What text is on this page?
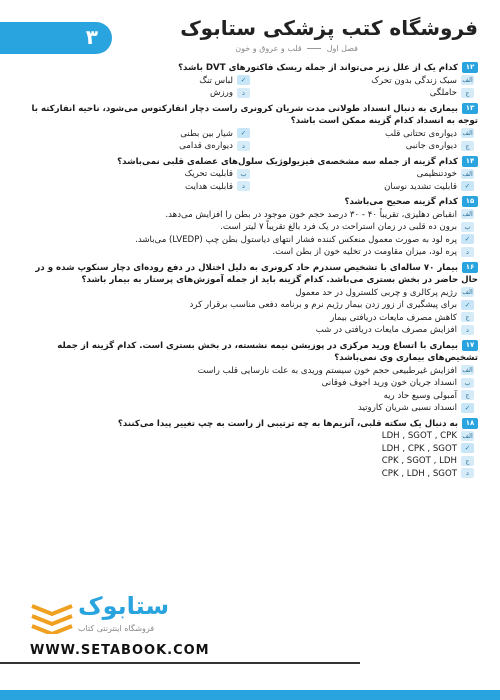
فروشگاه کتب پزشکی ستابوک
فصل اول  قلب و عروق و خون
۳
۱۲کدام یک از علل زیر می‌تواند از جمله ریسک فاکتورهای DVT باشد؟
الفسبک زندگی بدون تحرک
✓لباس تنگ
جحاملگی
دورزش
۱۳بیماری به دنبال انسداد طولانی مدت شریان کرونری راست دچار انفارکتوس می‌شود، ناحیه انفارکته با توجه به انسداد کدام گزینه ممکن است باشد؟
الفدیواره‌ی تحتانی قلب
✓شیار بین بطنی
جدیواره‌ی جانبی
ددیواره‌ی قدامی
۱۴کدام گزینه از جمله سه مشخصه‌ی فیزیولوژیک سلول‌های عضله‌ی قلبی نمی‌باشد؟
الفخودتنظیمی
بقابلیت تحریک
✓قابلیت تشدید نوسان
دقابلیت هدایت
۱۵کدام گزینه صحیح می‌باشد؟
الفانقباض دهلیزی، تقریباً ۴۰ - ۳۰ درصد حجم خون موجود در بطن را افزایش می‌دهد.
ببرون ده قلبی در زمان استراحت در یک فرد بالغ تقریباً ۷ لیتر است.
✓پره لود به صورت معمول منعکس کننده فشار انتهای دیاستول بطن چپ (LVEDP) می‌باشد.
دپره لود، میزان مقاومت در تخلیه خون از بطن است.
۱۶بیمار ۷۰ ساله‌ای با تشخیص سندرم حاد کرونری به دلیل اختلال در دفع روده‌ای دچار سنکوپ شده و در حال حاضر در بخش بستری می‌باشد. کدام گزینه باید از جمله آموزش‌های پرستار به بیمار باشد؟
الفرژیم پرکالری و چربی کلسترول در حد معمول
✓برای پیشگیری از زور زدن بیمار رژیم نرم و برنامه دفعی مناسب برقرار کرد
جکاهش مصرف مایعات دریافتی بیمار
دافزایش مصرف مایعات دریافتی در شب
۱۷بیماری با اتساع ورید مرکزی در پوزیشن نیمه نشسته، در بخش بستری است. کدام گزینه از جمله تشخیص‌های بیماری وی نمی‌باشد؟
الفافزایش غیرطبیعی حجم خون سیستم وریدی به علت نارسایی قلب راست
بانسداد جریان خون ورید اجوف فوقانی
جآمبولی وسیع حاد ریه
✓انسداد نسبی شریان کاروتید
۱۸به دنبال یک سکته قلبی، آنزیم‌ها به چه ترتیبی از راست به چپ تغییر پیدا می‌کنند؟
الفLDH , SGOT , CPK
✓LDH , CPK , SGOT
جCPK , SGOT , LDH
دCPK , LDH , SGOT
ستابوک
فروشگاه اینترنتی کتاب
WWW.SETABOOK.COM
